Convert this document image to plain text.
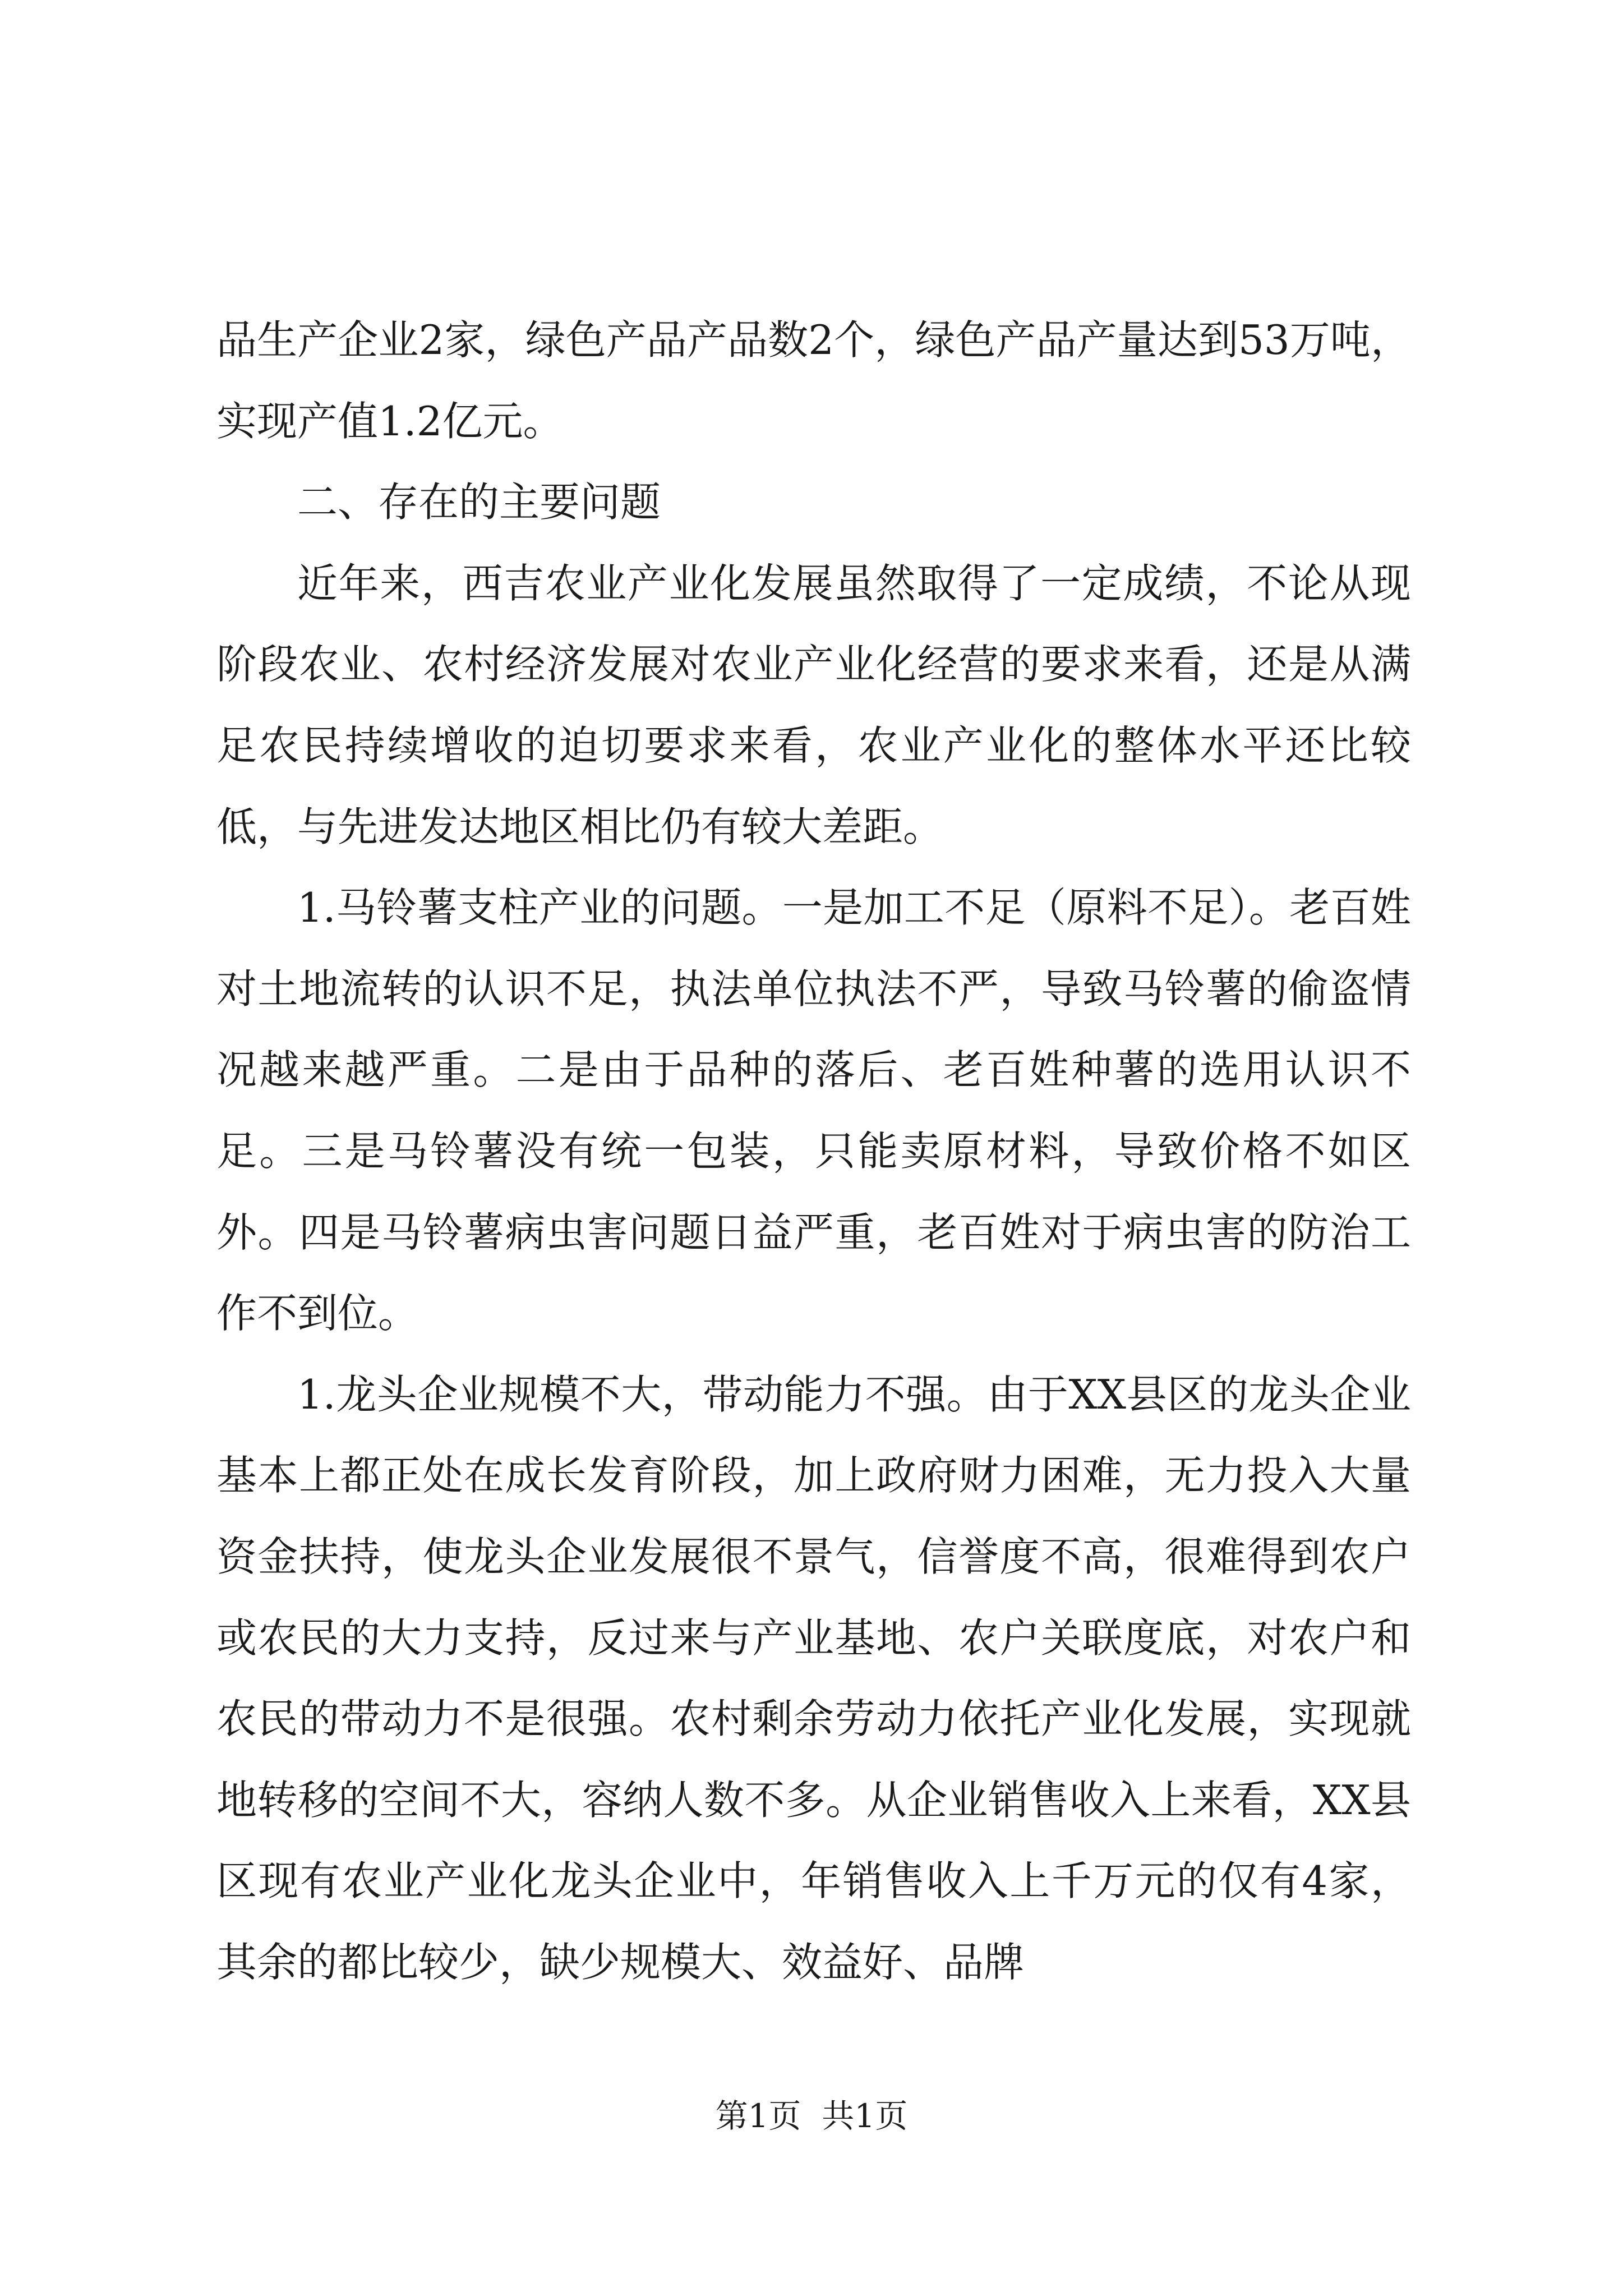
品生产企业2家，绿色产品产品数2个，绿色产品产量达到53万吨，实现产值1.2亿元。

二、存在的主要问题

近年来，西吉农业产业化发展虽然取得了一定成绩，不论从现阶段农业、农村经济发展对农业产业化经营的要求来看，还是从满足农民持续增收的迫切要求来看，农业产业化的整体水平还比较低，与先进发达地区相比仍有较大差距。

1.马铃薯支柱产业的问题。一是加工不足（原料不足）。老百姓对土地流转的认识不足，执法单位执法不严，导致马铃薯的偷盗情况越来越严重。二是由于品种的落后、老百姓种薯的选用认识不足。三是马铃薯没有统一包装，只能卖原材料，导致价格不如区外。四是马铃薯病虫害问题日益严重，老百姓对于病虫害的防治工作不到位。

1.龙头企业规模不大，带动能力不强。由于XX县区的龙头企业基本上都正处在成长发育阶段，加上政府财力困难，无力投入大量资金扶持，使龙头企业发展很不景气，信誉度不高，很难得到农户或农民的大力支持，反过来与产业基地、农户关联度底，对农户和农民的带动力不是很强。农村剩余劳动力依托产业化发展，实现就地转移的空间不大，容纳人数不多。从企业销售收入上来看，XX县区现有农业产业化龙头企业中，年销售收入上千万元的仅有4家，其余的都比较少，缺少规模大、效益好、品牌

第1页  共1页
